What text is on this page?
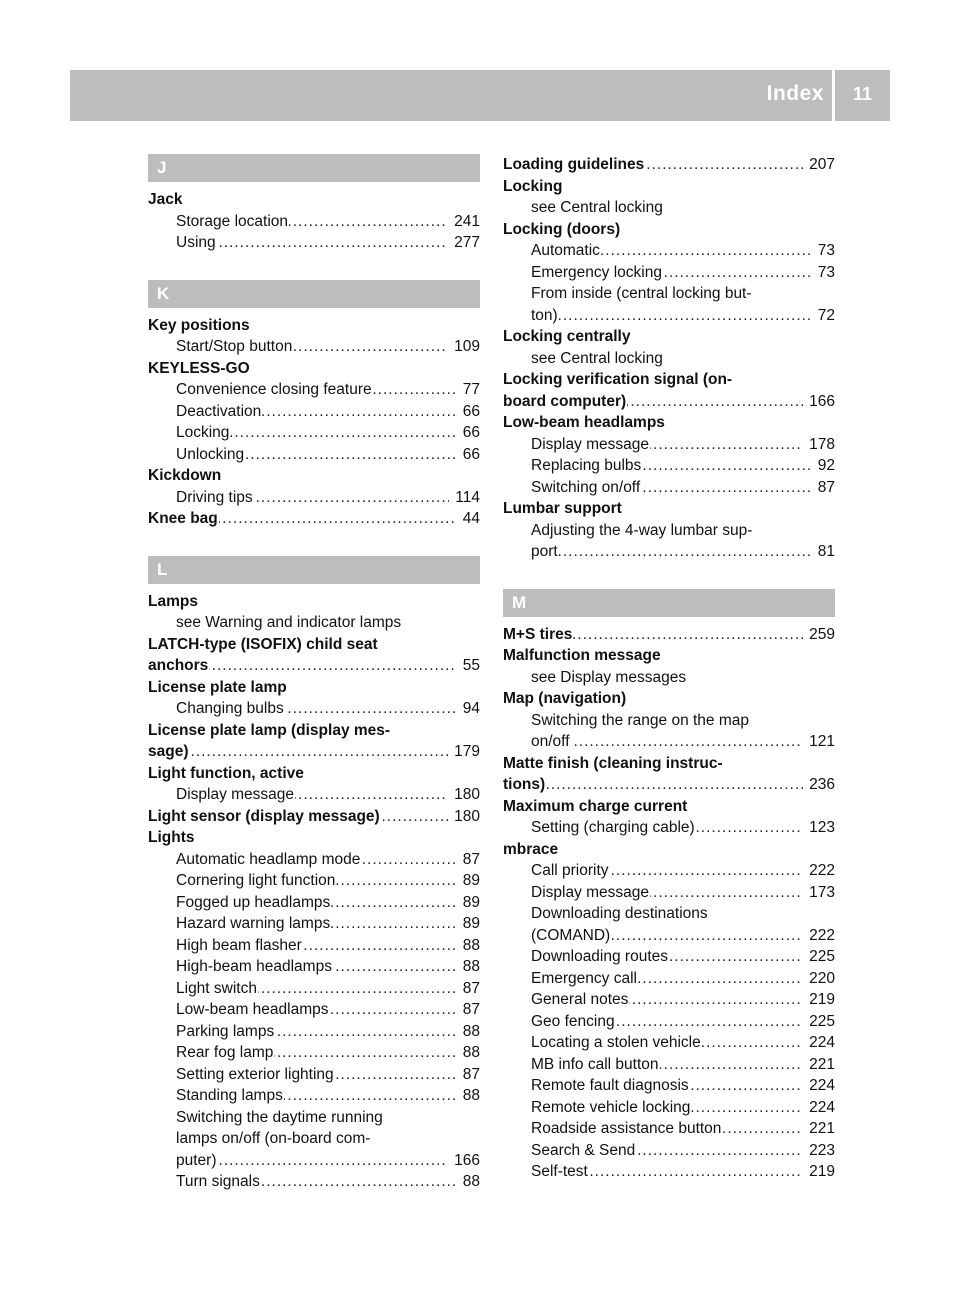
Index	11
J
Jack
.....
Storage location	241
.....
Using	277
K
Key positions
.....
Start/Stop button	109
KEYLESS-GO
.....
Convenience closing feature	77
.....
Deactivation	66
.....
Locking	66
.....
Unlocking	66
Kickdown
.....
Driving tips	114
.....
Knee bag	44
L
Lamps
see Warning and indicator lamps
LATCH-type (ISOFIX) child seat
.....
anchors	55
License plate lamp
.....
Changing bulbs	94
License plate lamp (display mes-
.....
sage)	179
Light function, active
.....
Display message	180
.....
Light sensor (display message)	180
Lights
.....
Automatic headlamp mode	87
.....
Cornering light function	89
.....
Fogged up headlamps	89
.....
Hazard warning lamps	89
.....
High beam flasher	88
.....
High-beam headlamps	88
.....
Light switch	87
.....
Low-beam headlamps	87
.....
Parking lamps	88
.....
Rear fog lamp	88
.....
Setting exterior lighting	87
.....
Standing lamps	88
Switching the daytime running
lamps on/off (on-board com-
.....
puter)	166
.....
Turn signals	88
.....
Loading guidelines	207
Locking
see Central locking
Locking (doors)
.....
Automatic	73
.....
Emergency locking	73
From inside (central locking but-
.....
ton)	72
Locking centrally
see Central locking
Locking verification signal (on-
.....
board computer)	166
Low-beam headlamps
.....
Display message	178
.....
Replacing bulbs	92
.....
Switching on/off	87
Lumbar support
Adjusting the 4-way lumbar sup-
.....
port	81
M
.....
M+S tires	259
Malfunction message
see Display messages
Map (navigation)
Switching the range on the map
.....
on/off	121
Matte finish (cleaning instruc-
.....
tions)	236
Maximum charge current
.....
Setting (charging cable)	123
mbrace
.....
Call priority	222
.....
Display message	173
Downloading destinations
.....
(COMAND)	222
.....
Downloading routes	225
.....
Emergency call	220
.....
General notes	219
.....
Geo fencing	225
.....
Locating a stolen vehicle	224
.....
MB info call button	221
.....
Remote fault diagnosis	224
.....
Remote vehicle locking	224
.....
Roadside assistance button	221
.....
Search & Send	223
.....
Self-test	219
